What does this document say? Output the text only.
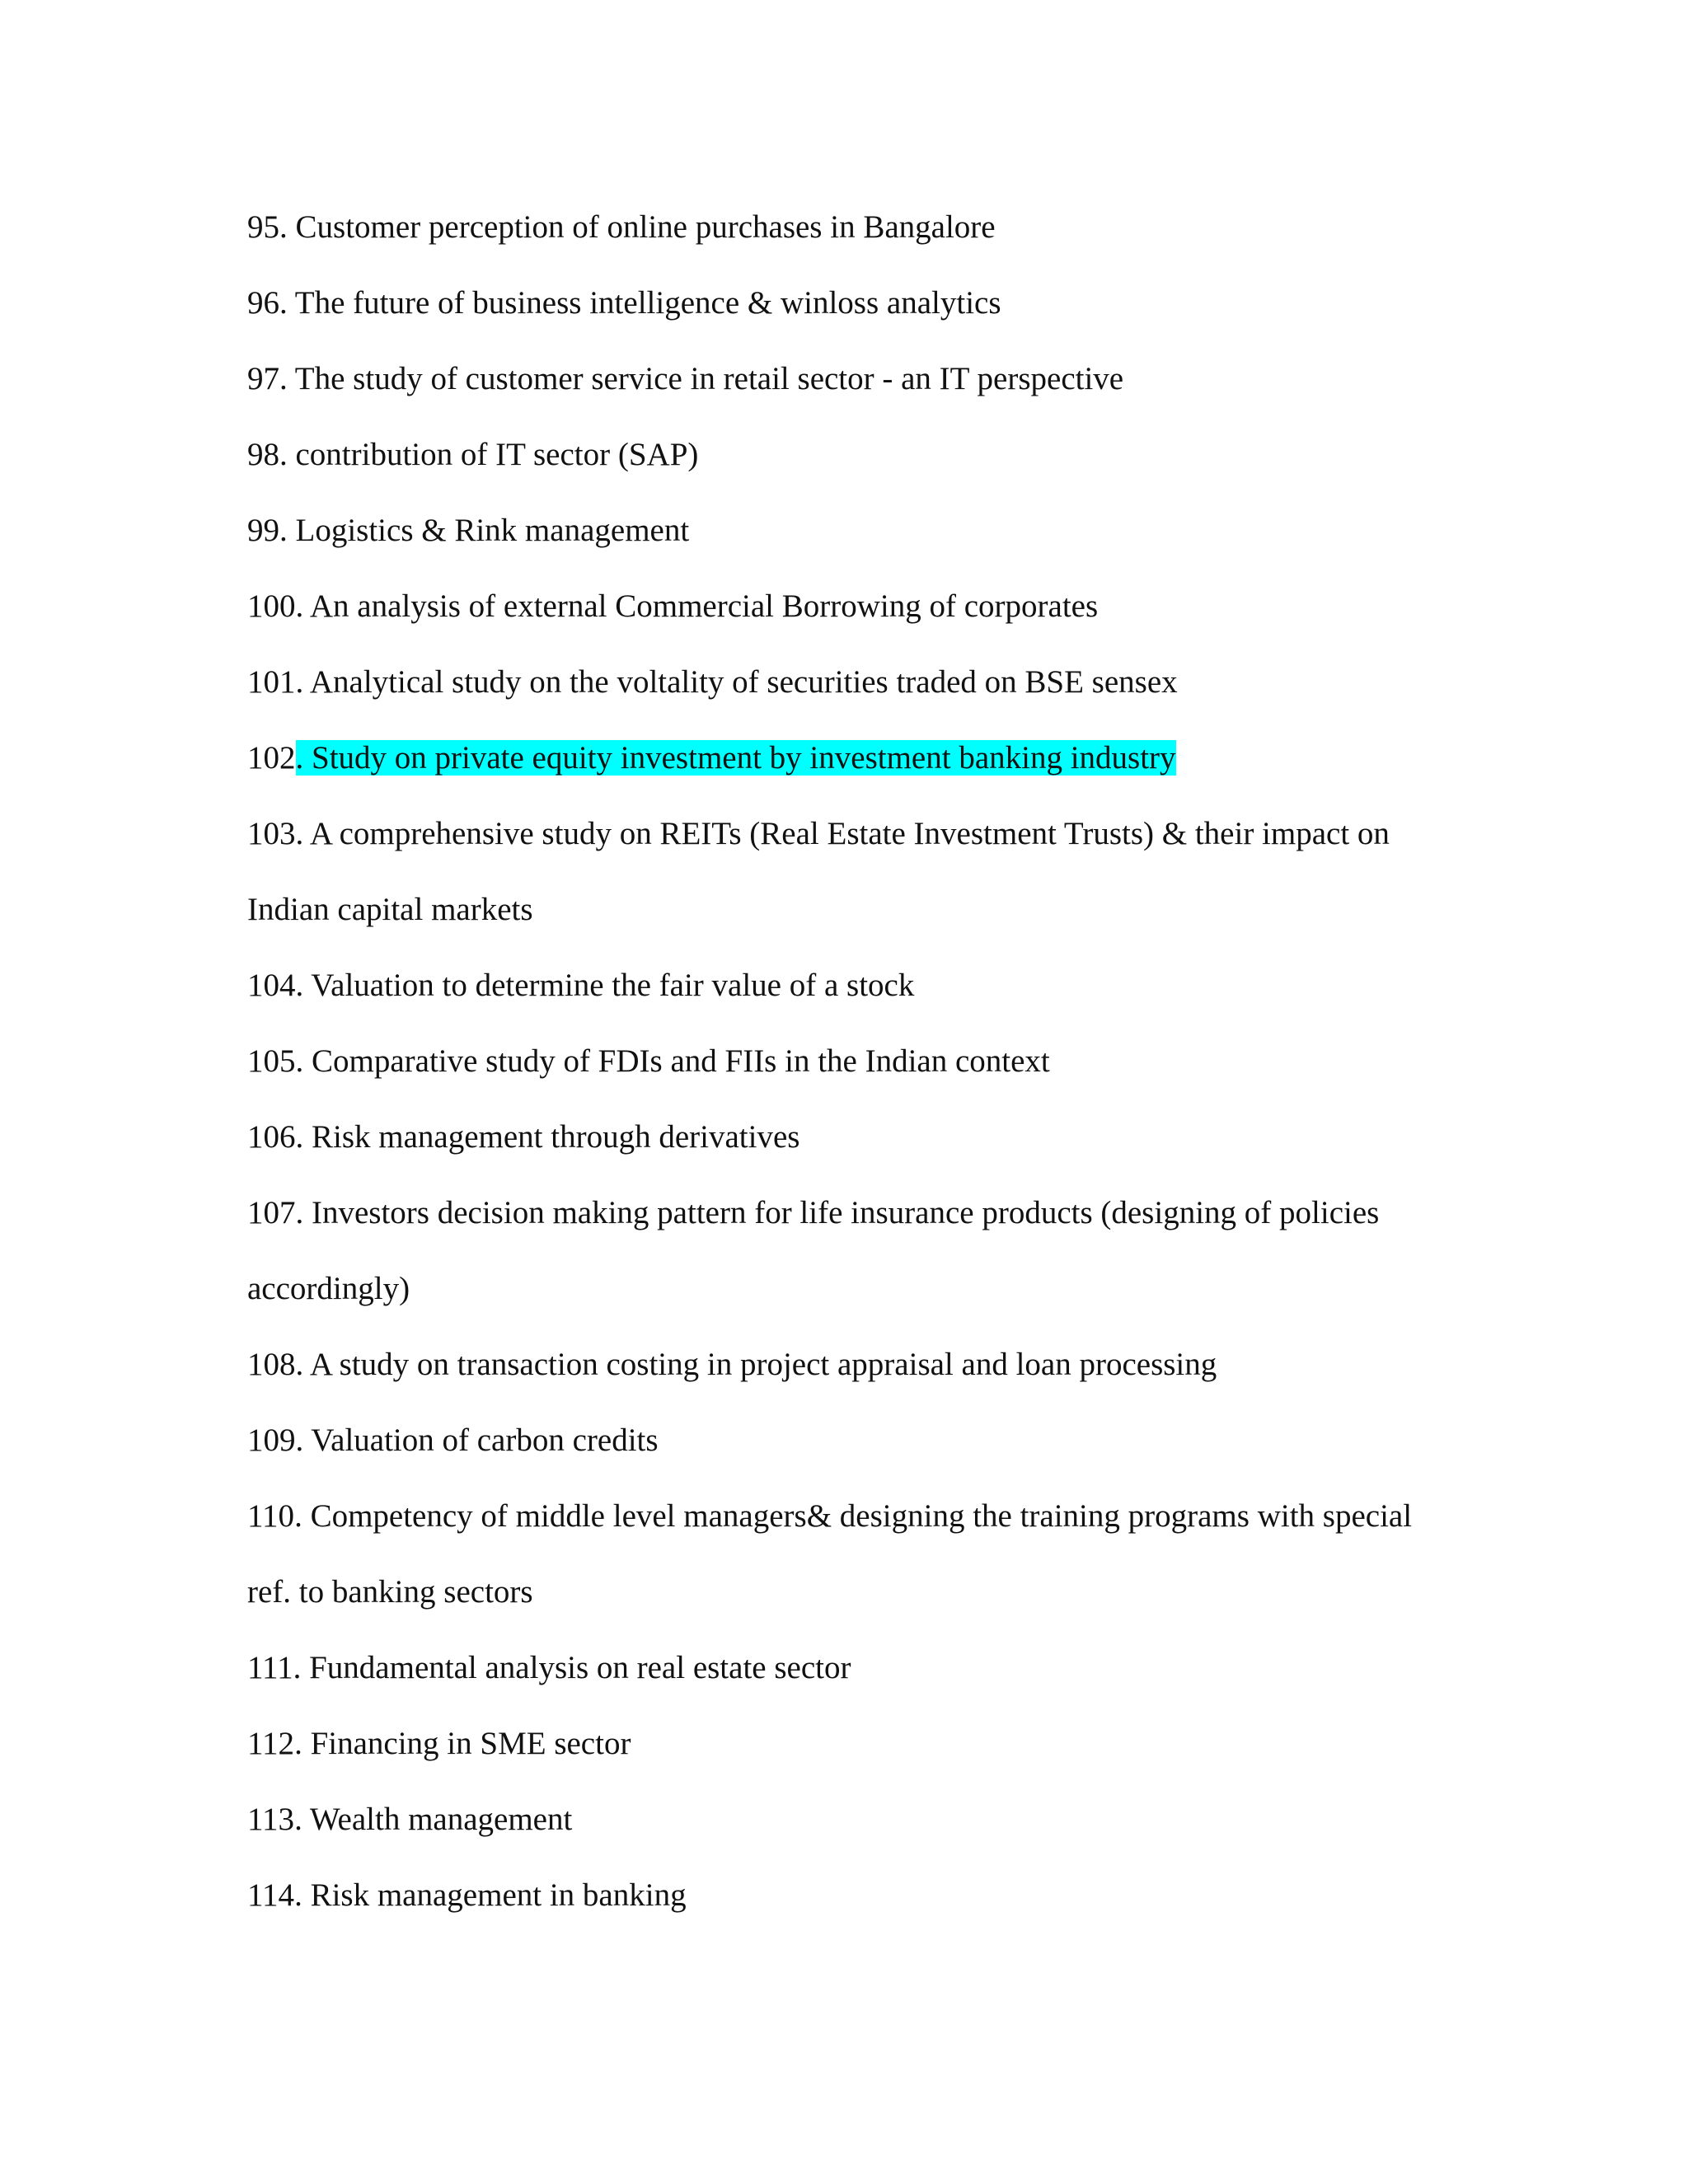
95. Customer perception of online purchases in Bangalore
96. The future of business intelligence & winloss analytics
97. The study of customer service in retail sector - an IT perspective
98. contribution of IT sector (SAP)
99. Logistics & Rink management
100. An analysis of external Commercial Borrowing of corporates
101. Analytical study on the voltality of securities traded on BSE sensex
102. Study on private equity investment by investment banking industry
103. A comprehensive study on REITs (Real Estate Investment Trusts) & their impact on
Indian capital markets
104. Valuation to determine the fair value of a stock
105. Comparative study of FDIs and FIIs in the Indian context
106. Risk management through derivatives
107. Investors decision making pattern for life insurance products (designing of policies
accordingly)
108. A study on transaction costing in project appraisal and loan processing
109. Valuation of carbon credits
110. Competency of middle level managers& designing the training programs with special
ref. to banking sectors
111. Fundamental analysis on real estate sector
112. Financing in SME sector
113. Wealth management
114. Risk management in banking
